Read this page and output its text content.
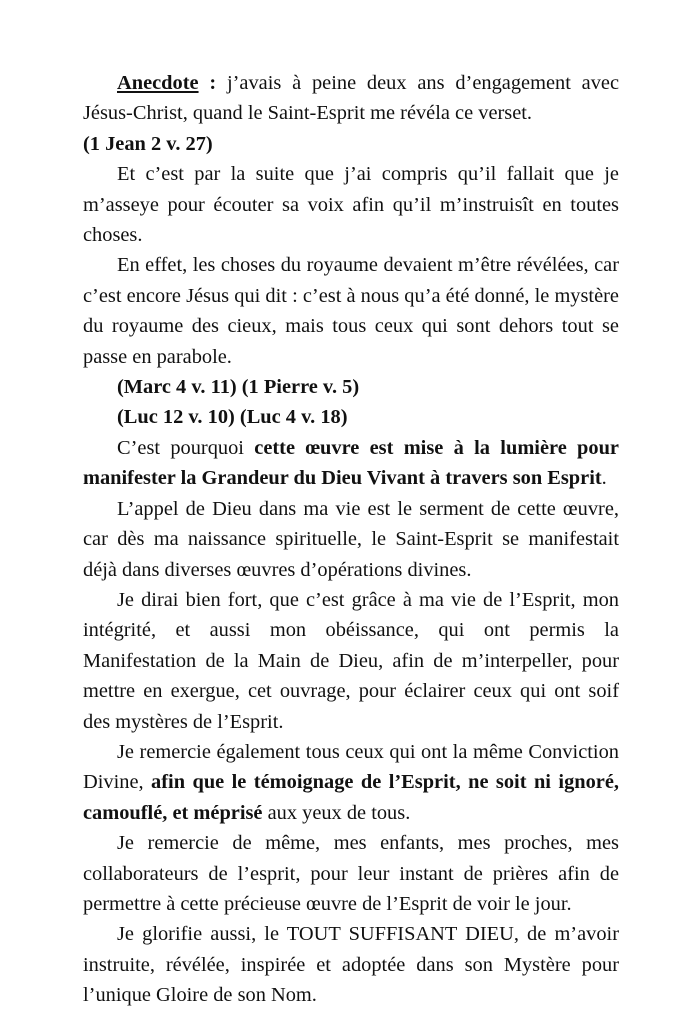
Anecdote : j’avais à peine deux ans d’engagement avec Jésus-Christ, quand le Saint-Esprit me révéla ce verset.
(1 Jean 2 v. 27)

Et c’est par la suite que j’ai compris qu’il fallait que je m’asseye pour écouter sa voix afin qu’il m’instruisît en toutes choses.

En effet, les choses du royaume devaient m’être révélées, car c’est encore Jésus qui dit : c’est à nous qu’a été donné, le mystère du royaume des cieux, mais tous ceux qui sont dehors tout se passe en parabole.

(Marc 4 v. 11) (1 Pierre v. 5)

(Luc 12 v. 10) (Luc 4 v. 18)

C’est pourquoi cette œuvre est mise à la lumière pour manifester la Grandeur du Dieu Vivant à travers son Esprit.

L’appel de Dieu dans ma vie est le serment de cette œuvre, car dès ma naissance spirituelle, le Saint-Esprit se manifestait déjà dans diverses œuvres d’opérations divines.

Je dirai bien fort, que c’est grâce à ma vie de l’Esprit, mon intégrité, et aussi mon obéissance, qui ont permis la Manifestation de la Main de Dieu, afin de m’interpeller, pour mettre en exergue, cet ouvrage, pour éclairer ceux qui ont soif des mystères de l’Esprit.

Je remercie également tous ceux qui ont la même Conviction Divine, afin que le témoignage de l’Esprit, ne soit ni ignoré, camouflé, et méprisé aux yeux de tous.

Je remercie de même, mes enfants, mes proches, mes collaborateurs de l’esprit, pour leur instant de prières afin de permettre à cette précieuse œuvre de l’Esprit de voir le jour.

Je glorifie aussi, le TOUT SUFFISANT DIEU, de m’avoir instruite, révélée, inspirée et adoptée dans son Mystère pour l’unique Gloire de son Nom.
